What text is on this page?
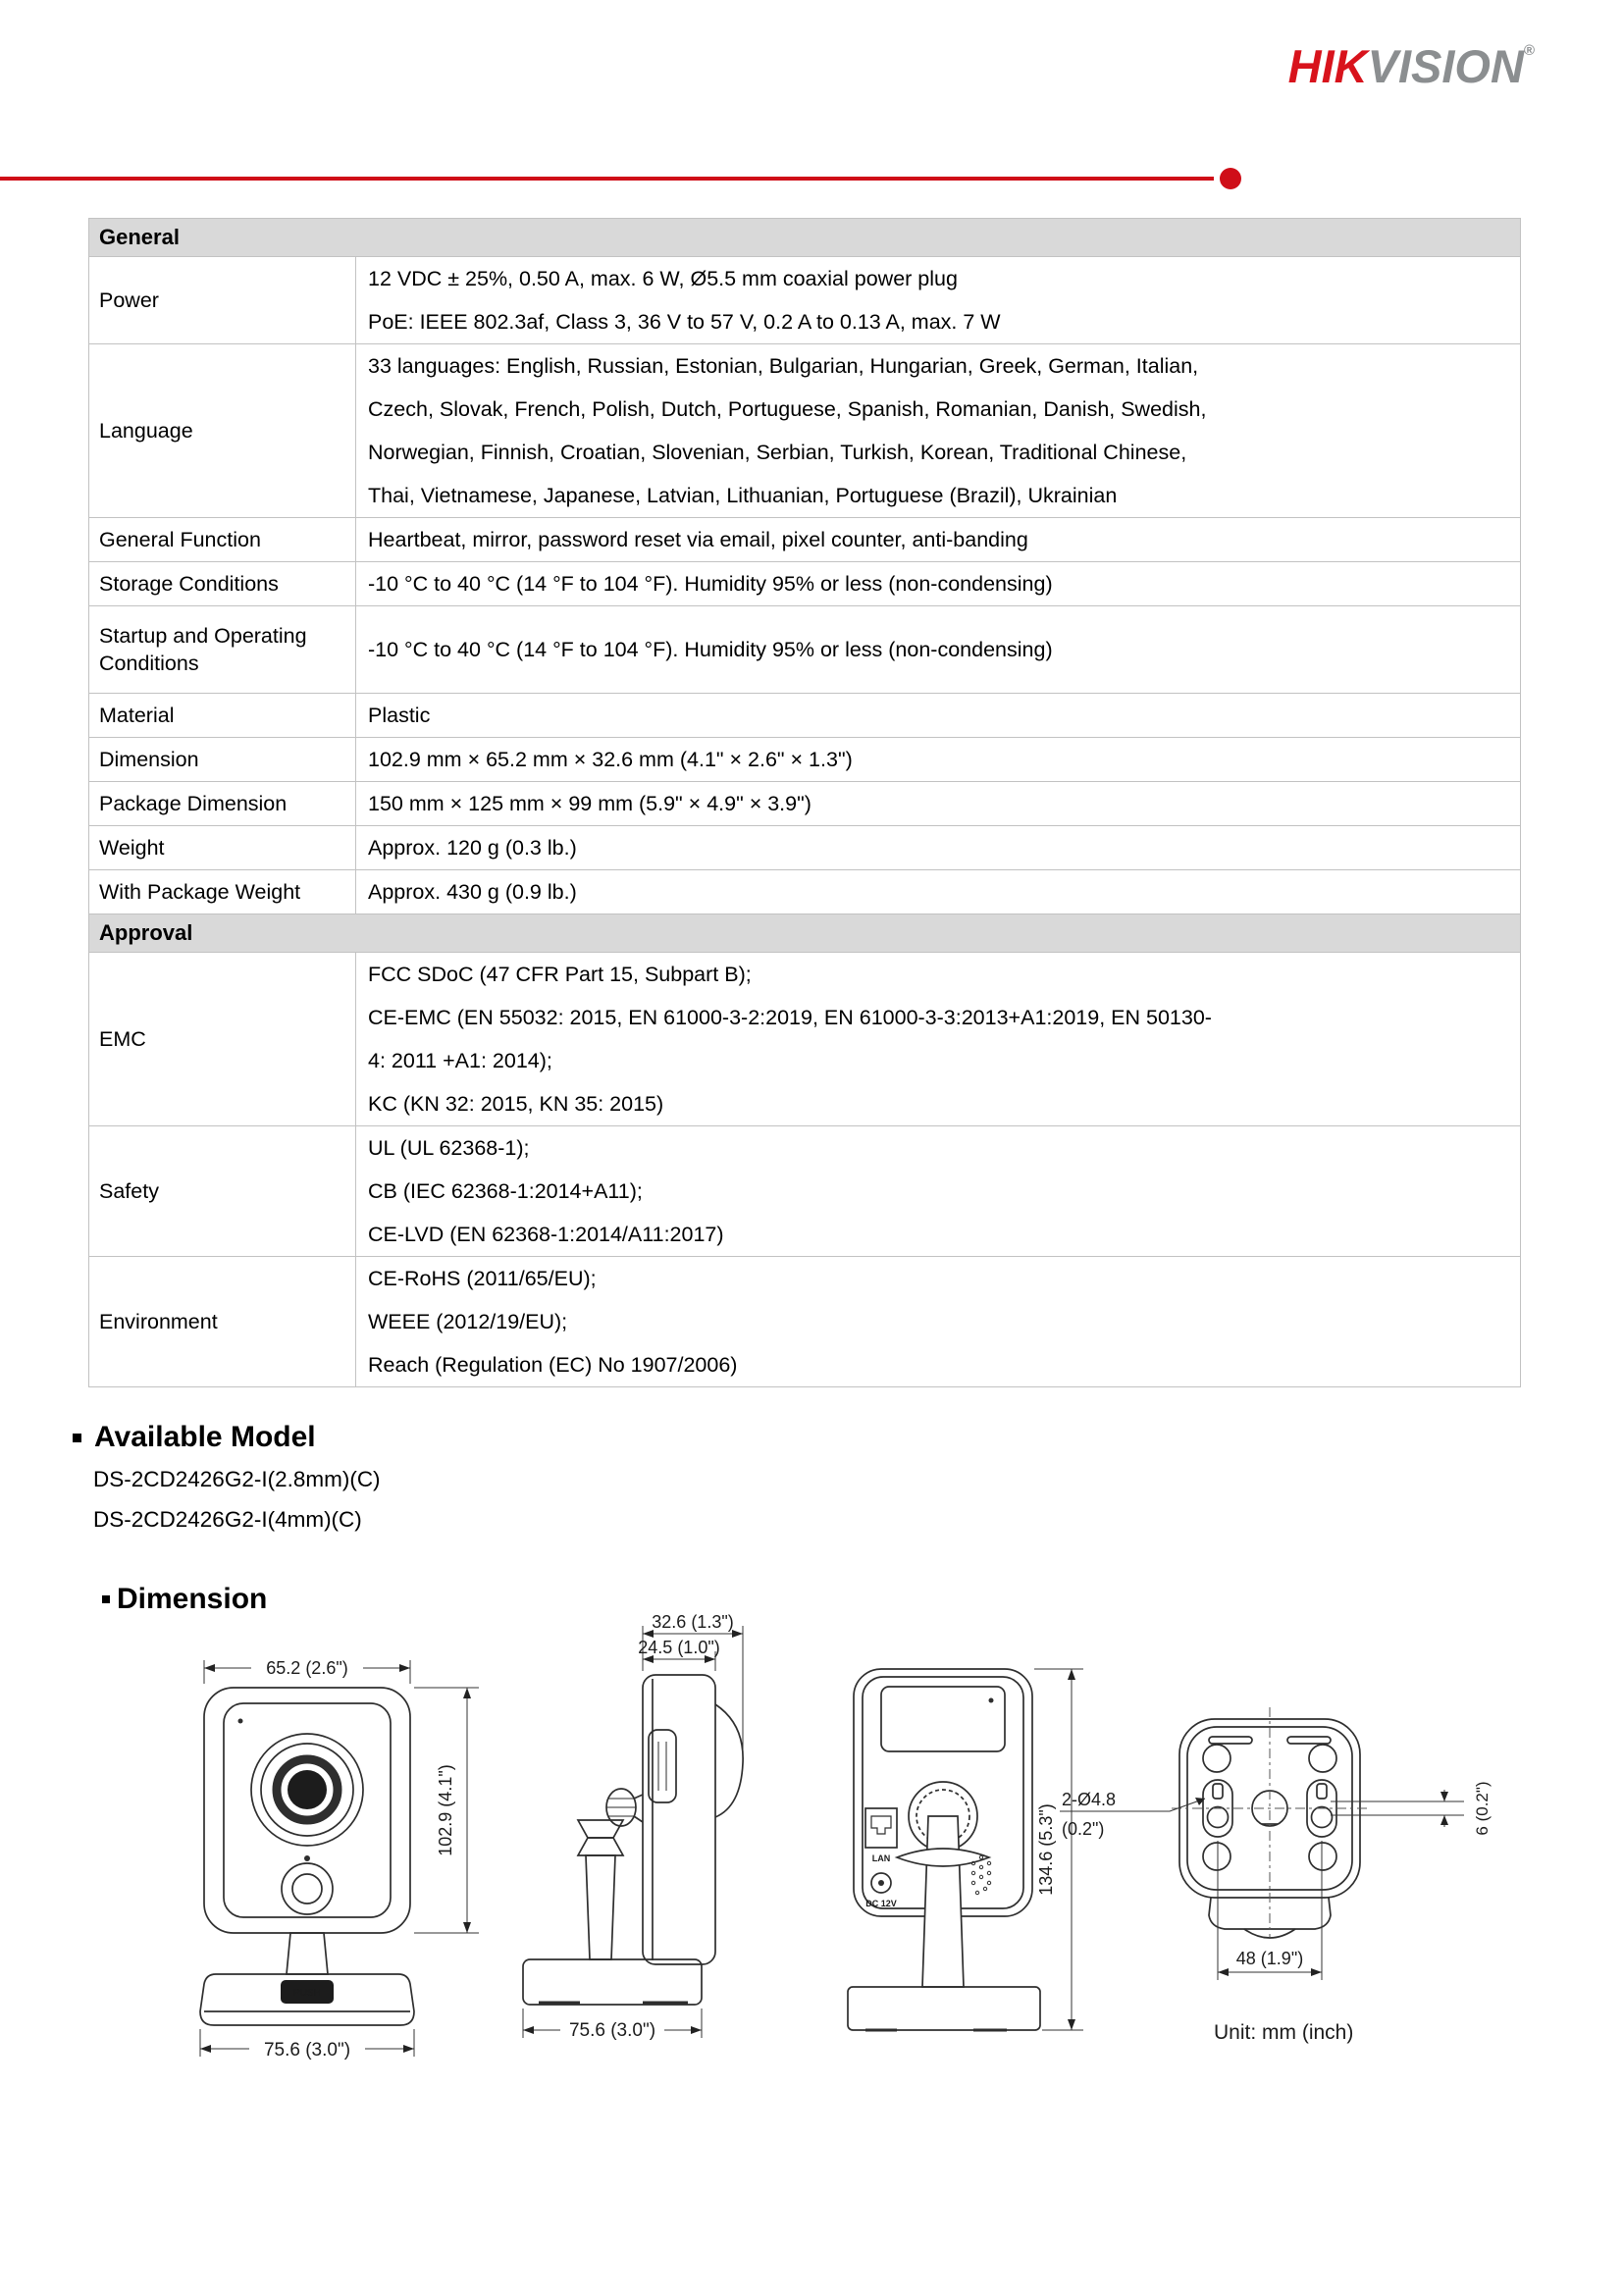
HIKVISION®
General	
Power	12 VDC ± 25%, 0.50 A, max. 6 W, Ø5.5 mm coaxial power plug
PoE: IEEE 802.3af, Class 3, 36 V to 57 V, 0.2 A to 0.13 A, max. 7 W

Language	33 languages: English, Russian, Estonian, Bulgarian, Hungarian, Greek, German, Italian,
Czech, Slovak, French, Polish, Dutch, Portuguese, Spanish, Romanian, Danish, Swedish,
Norwegian, Finnish, Croatian, Slovenian, Serbian, Turkish, Korean, Traditional Chinese,
Thai, Vietnamese, Japanese, Latvian, Lithuanian, Portuguese (Brazil), Ukrainian

General Function	Heartbeat, mirror, password reset via email, pixel counter, anti-banding

Storage Conditions	-10 °C to 40 °C (14 °F to 104 °F). Humidity 95% or less (non-condensing)

Startup and Operating Conditions	-10 °C to 40 °C (14 °F to 104 °F). Humidity 95% or less (non-condensing)

Material	Plastic

Dimension	102.9 mm × 65.2 mm × 32.6 mm (4.1" × 2.6" × 1.3")

Package Dimension	150 mm × 125 mm × 99 mm (5.9" × 4.9" × 3.9")

Weight	Approx. 120 g (0.3 lb.)

With Package Weight	Approx. 430 g (0.9 lb.)

Approval	
EMC	FCC SDoC (47 CFR Part 15, Subpart B);
CE-EMC (EN 55032: 2015, EN 61000-3-2:2019, EN 61000-3-3:2013+A1:2019, EN 50130-
4: 2011 +A1: 2014);
KC (KN 32: 2015, KN 35: 2015)

Safety	UL (UL 62368-1);
CB (IEC 62368-1:2014+A11);
CE-LVD (EN 62368-1:2014/A11:2017)

Environment	CE-RoHS (2011/65/EU);
WEEE (2012/19/EU);
Reach (Regulation (EC) No 1907/2006)
Available Model
DS-2CD2426G2-I(2.8mm)(C)
DS-2CD2426G2-I(4mm)(C)
Dimension
PUSH
65.2 (2.6")
102.9 (4.1")
75.6 (3.0")
32.6 (1.3")
24.5 (1.0")
75.6 (3.0")
LAN
DC 12V
134.6 (5.3")
2-Ø4.8
(0.2")	6 (0.2")
48 (1.9")
Unit: mm (inch)
